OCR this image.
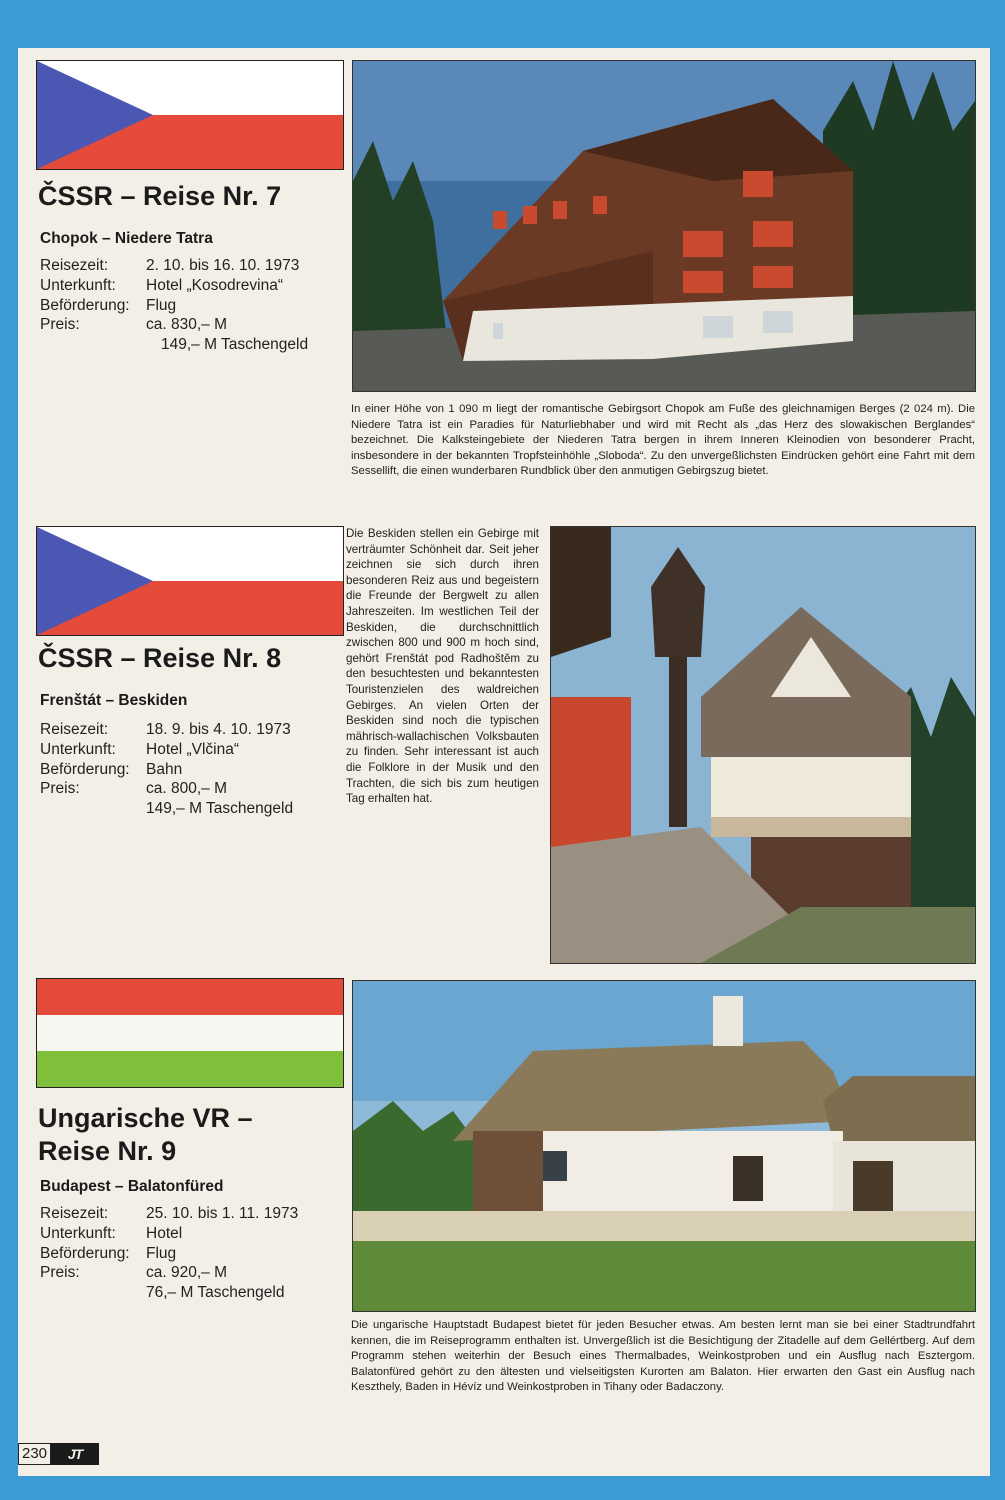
ČSSR – Reise Nr. 7

Chopok – Niedere Tatra

Reisezeit: 2. 10. bis 16. 10. 1973
Unterkunft: Hotel „Kosodrevina“
Beförderung: Flug
Preis:	ca. 830,– M
149,– M Taschengeld

In einer Höhe von 1 090 m liegt der romantische Gebirgsort Chopok am Fuße des gleichnamigen Berges (2 024 m). Die Niedere Tatra ist ein Paradies für Naturliebhaber und wird mit Recht als „das Herz des slowakischen Berglandes“ bezeichnet. Die Kalksteingebiete der Niederen Tatra bergen in ihrem Inneren Kleinodien von besonderer Pracht, insbesondere in der bekannten Tropfsteinhöhle „Sloboda“. Zu den unvergeßlichsten Eindrücken gehört eine Fahrt mit dem Sessellift, die einen wunderbaren Rundblick über den anmutigen Gebirgszug bietet.

ČSSR – Reise Nr. 8

Frenštát – Beskiden

Reisezeit: 18. 9. bis 4. 10. 1973
Unterkunft: Hotel „Vlčina“
Beförderung: Bahn
Preis:	ca. 800,– M
149,– M Taschengeld

Die Beskiden stellen ein Gebirge mit verträumter Schönheit dar. Seit jeher zeichnen sie sich durch ihren besonderen Reiz aus und begeistern die Freunde der Bergwelt zu allen Jahreszeiten. Im westlichen Teil der Beskiden, die durchschnittlich zwischen 800 und 900 m hoch sind, gehört Frenštát pod Radhoštěm zu den besuchtesten und bekanntesten Touristenzielen des waldreichen Gebirges. An vielen Orten der Beskiden sind noch die typischen mährisch-wallachischen Volksbauten zu finden. Sehr interessant ist auch die Folklore in der Musik und den Trachten, die sich bis zum heutigen Tag erhalten hat.

Ungarische VR – Reise Nr. 9

Budapest – Balatonfüred

Reisezeit: 25. 10. bis 1. 11. 1973
Unterkunft: Hotel
Beförderung: Flug
Preis:	ca. 920,– M
76,– M Taschengeld

Die ungarische Hauptstadt Budapest bietet für jeden Besucher etwas. Am besten lernt man sie bei einer Stadtrundfahrt kennen, die im Reiseprogramm enthalten ist. Unvergeßlich ist die Besichtigung der Zitadelle auf dem Gellértberg. Auf dem Programm stehen weiterhin der Besuch eines Thermalbades, Weinkostproben und ein Ausflug nach Esztergom. Balatonfüred gehört zu den ältesten und vielseitigsten Kurorten am Balaton. Hier erwarten den Gast ein Ausflug nach Keszthely, Baden in Hévíz und Weinkostproben in Tihany oder Badaczony.

230	JT
